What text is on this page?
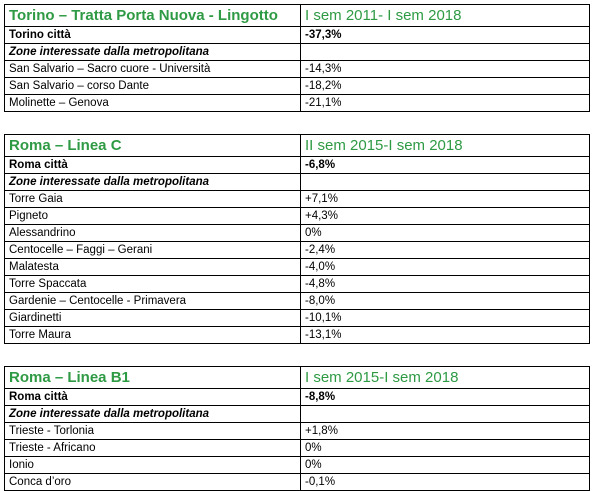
Torino – Tratta Porta Nuova - Lingotto	I sem 2011- I sem 2018
Torino città	-37,3%
Zone interessate dalla metropolitana	
San Salvario – Sacro cuore - Università	-14,3%
San Salvario – corso Dante	-18,2%
Molinette – Genova	-21,1%
Roma – Linea C	II sem 2015-I sem 2018
Roma città	-6,8%
Zone interessate dalla metropolitana	
Torre Gaia	+7,1%
Pigneto	+4,3%
Alessandrino	0%
Centocelle – Faggi – Gerani	-2,4%
Malatesta	-4,0%
Torre Spaccata	-4,8%
Gardenie – Centocelle - Primavera	-8,0%
Giardinetti	-10,1%
Torre Maura	-13,1%
Roma – Linea B1	I sem 2015-I sem 2018
Roma città	-8,8%
Zone interessate dalla metropolitana	
Trieste - Torlonia	+1,8%
Trieste - Africano	0%
Ionio	0%
Conca d’oro	-0,1%
